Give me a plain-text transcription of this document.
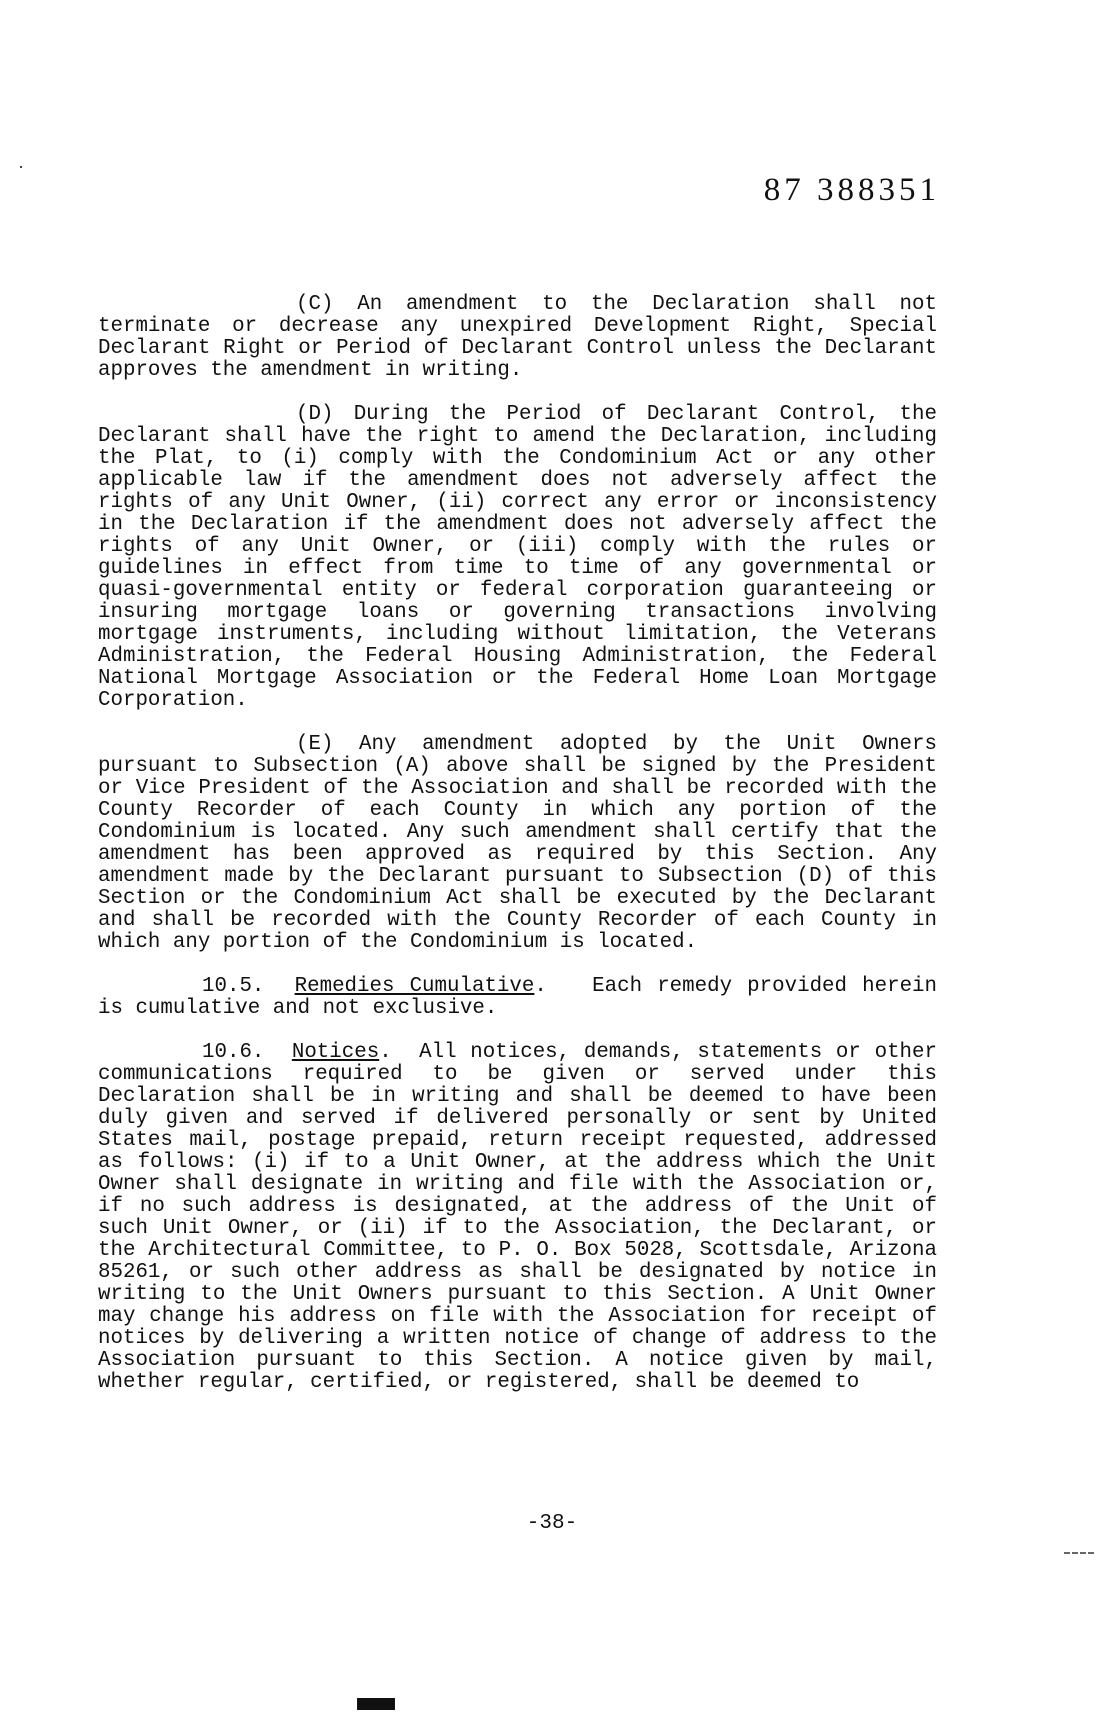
87 388351

(C) An amendment to the Declaration shall not terminate or decrease any unexpired Development Right, Special Declarant Right or Period of Declarant Control unless the Declarant approves the amendment in writing.

(D) During the Period of Declarant Control, the Declarant shall have the right to amend the Declaration, including the Plat, to (i) comply with the Condominium Act or any other applicable law if the amendment does not adversely affect the rights of any Unit Owner, (ii) correct any error or inconsistency in the Declaration if the amendment does not adversely affect the rights of any Unit Owner, or (iii) comply with the rules or guidelines in effect from time to time of any governmental or quasi-governmental entity or federal corporation guaranteeing or insuring mortgage loans or governing transactions involving mortgage instruments, including without limitation, the Veterans Administration, the Federal Housing Administration, the Federal National Mortgage Association or the Federal Home Loan Mortgage Corporation.

(E) Any amendment adopted by the Unit Owners pursuant to Subsection (A) above shall be signed by the President or Vice President of the Association and shall be recorded with the County Recorder of each County in which any portion of the Condominium is located. Any such amendment shall certify that the amendment has been approved as required by this Section. Any amendment made by the Declarant pursuant to Subsection (D) of this Section or the Condominium Act shall be executed by the Declarant and shall be recorded with the County Recorder of each County in which any portion of the Condominium is located.

10.5. Remedies Cumulative.   Each remedy provided herein is cumulative and not exclusive.

10.6. Notices.  All notices, demands, statements or other communications required to be given or served under this Declaration shall be in writing and shall be deemed to have been duly given and served if delivered personally or sent by United States mail, postage prepaid, return receipt requested, addressed as follows: (i) if to a Unit Owner, at the address which the Unit Owner shall designate in writing and file with the Association or, if no such address is designated, at the address of the Unit of such Unit Owner, or (ii) if to the Association, the Declarant, or the Architectural Committee, to P. O. Box 5028, Scottsdale, Arizona 85261, or such other address as shall be designated by notice in writing to the Unit Owners pursuant to this Section. A Unit Owner may change his address on file with the Association for receipt of notices by delivering a written notice of change of address to the Association pursuant to this Section. A notice given by mail, whether regular, certified, or registered, shall be deemed to

-38-
